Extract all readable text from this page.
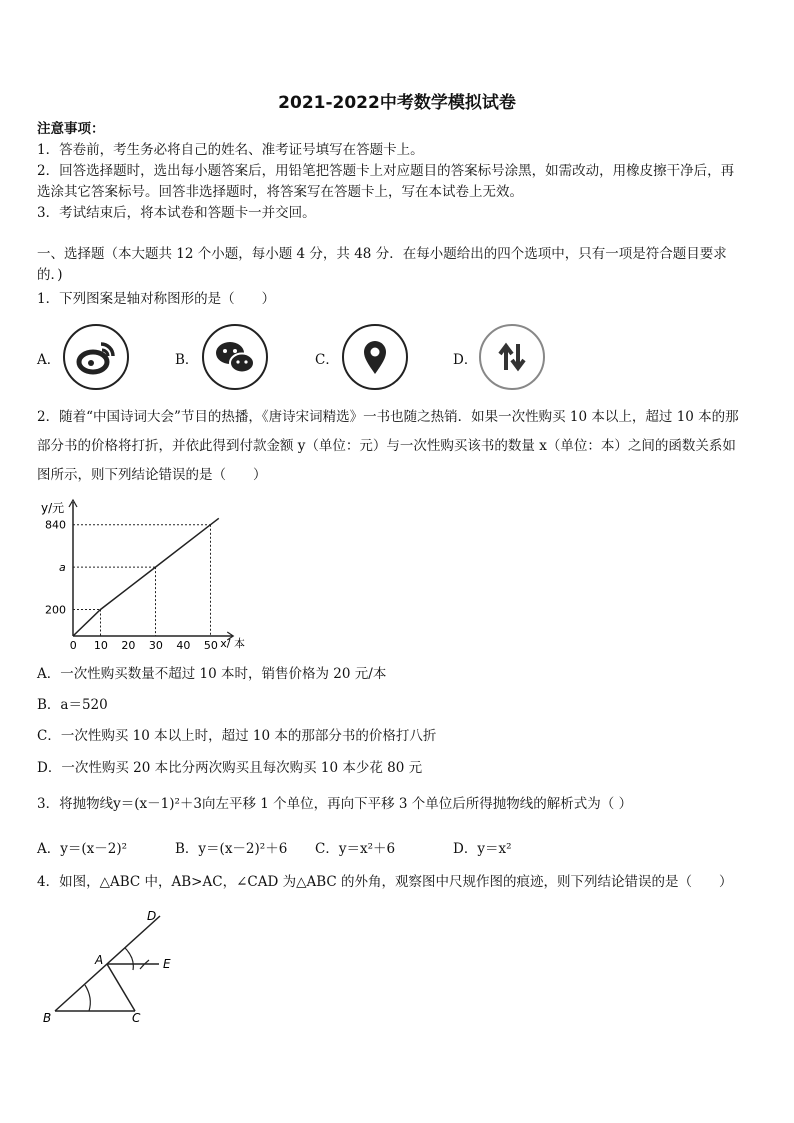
2021-2022中考数学模拟试卷
注意事项：
1．答卷前，考生务必将自己的姓名、准考证号填写在答题卡上。
2．回答选择题时，选出每小题答案后，用铅笔把答题卡上对应题目的答案标号涂黑，如需改动，用橡皮擦干净后，再
选涂其它答案标号。回答非选择题时，将答案写在答题卡上，写在本试卷上无效。
3．考试结束后，将本试卷和答题卡一并交回。
一、选择题（本大题共 12 个小题，每小题 4 分，共 48 分．在每小题给出的四个选项中，只有一项是符合题目要求
的．)
1．下列图案是轴对称图形的是（　　）
A．	B．	C．	D．
2．随着“中国诗词大会”节目的热播，《唐诗宋词精选》一书也随之热销．如果一次性购买 10 本以上，超过 10 本的那
部分书的价格将打折，并依此得到付款金额 y（单位：元）与一次性购买该书的数量 x（单位：本）之间的函数关系如
图所示，则下列结论错误的是（　　）
y/元
x/ 本
0 10 20 30 40 50
200
a
840
A．一次性购买数量不超过 10 本时，销售价格为 20 元/本
B．a＝520
C．一次性购买 10 本以上时，超过 10 本的那部分书的价格打八折
D．一次性购买 20 本比分两次购买且每次购买 10 本少花 80 元
3．将抛物线y＝(x－1)²＋3向左平移 1 个单位，再向下平移 3 个单位后所得抛物线的解析式为（ ）
A．y＝(x－2)²	B．y＝(x－2)²＋6 C．y＝x²＋6	D．y＝x²
4．如图，△ABC 中，AB>AC，∠CAD 为△ABC 的外角，观察图中尺规作图的痕迹，则下列结论错误的是（　　）
D
A	E
B	C
